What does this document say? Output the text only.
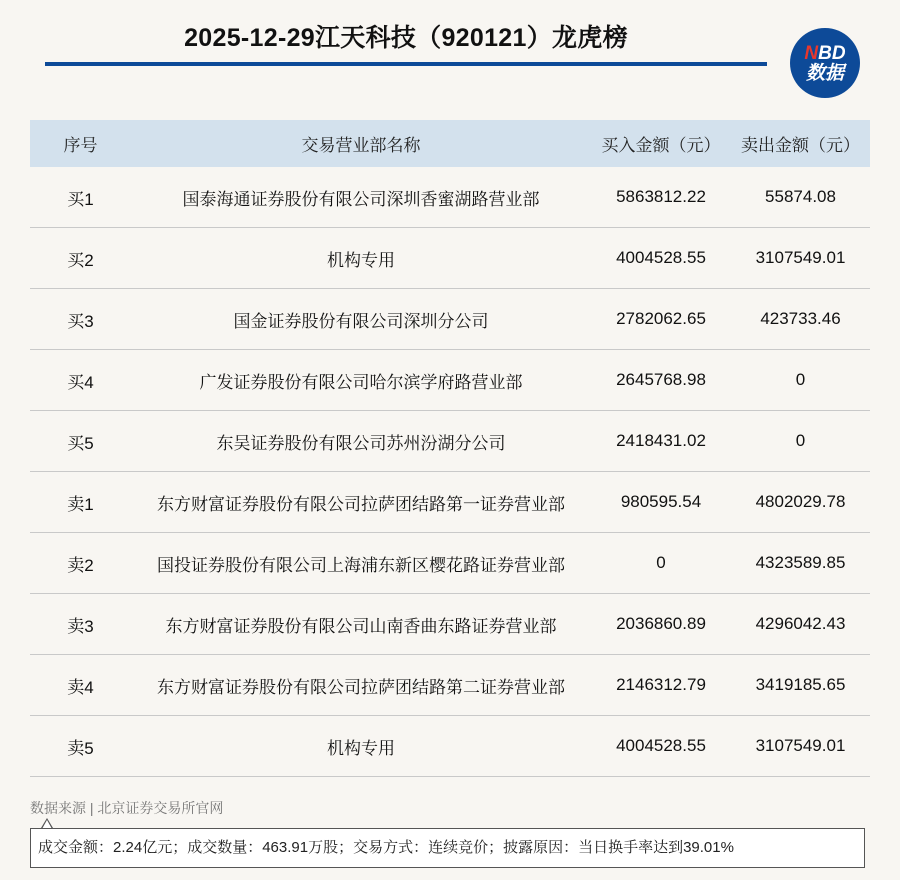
2025-12-29江天科技（920121）龙虎榜
NBD
数据
序号	交易营业部名称	买入金额（元）	卖出金额（元）
买1	国泰海通证券股份有限公司深圳香蜜湖路营业部	5863812.22	55874.08
买2	机构专用	4004528.55	3107549.01
买3	国金证券股份有限公司深圳分公司	2782062.65	423733.46
买4	广发证券股份有限公司哈尔滨学府路营业部	2645768.98	0
买5	东吴证券股份有限公司苏州汾湖分公司	2418431.02	0
卖1	东方财富证券股份有限公司拉萨团结路第一证券营业部	980595.54	4802029.78
卖2	国投证券股份有限公司上海浦东新区樱花路证券营业部	0	4323589.85
卖3	东方财富证券股份有限公司山南香曲东路证券营业部	2036860.89	4296042.43
卖4	东方财富证券股份有限公司拉萨团结路第二证券营业部	2146312.79	3419185.65
卖5	机构专用	4004528.55	3107549.01
数据来源 | 北京证券交易所官网
成交金额：2.24亿元；成交数量：463.91万股；交易方式：连续竞价；披露原因：当日换手率达到39.01%
